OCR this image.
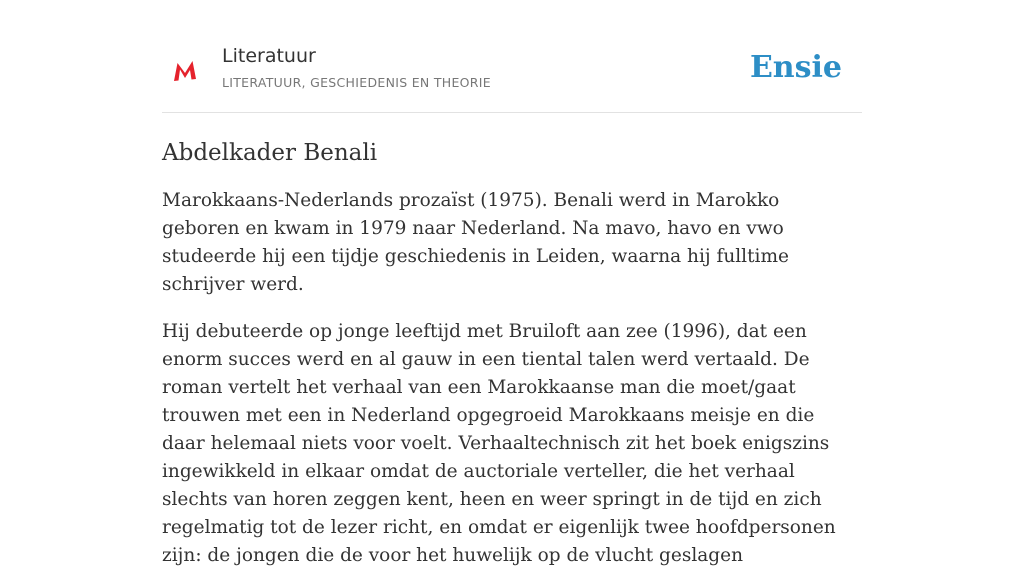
Literatuur
LITERATUUR, GESCHIEDENIS EN THEORIE	Ensie
Abdelkader Benali

Marokkaans-Nederlands prozaïst (1975). Benali werd in Marokko geboren en kwam in 1979 naar Nederland. Na mavo, havo en vwo studeerde hij een tijdje geschiedenis in Leiden, waarna hij fulltime schrijver werd.

Hij debuteerde op jonge leeftijd met Bruiloft aan zee (1996), dat een enorm succes werd en al gauw in een tiental talen werd vertaald. De roman vertelt het verhaal van een Marokkaanse man die moet/gaat trouwen met een in Nederland opgegroeid Marokkaans meisje en die daar helemaal niets voor voelt. Verhaaltechnisch zit het boek enigszins ingewikkeld in elkaar omdat de auctoriale verteller, die het verhaal slechts van horen zeggen kent, heen en weer springt in de tijd en zich regelmatig tot de lezer richt, en omdat er eigenlijk twee hoofdpersonen zijn: de jongen die de voor het huwelijk op de vlucht geslagen
